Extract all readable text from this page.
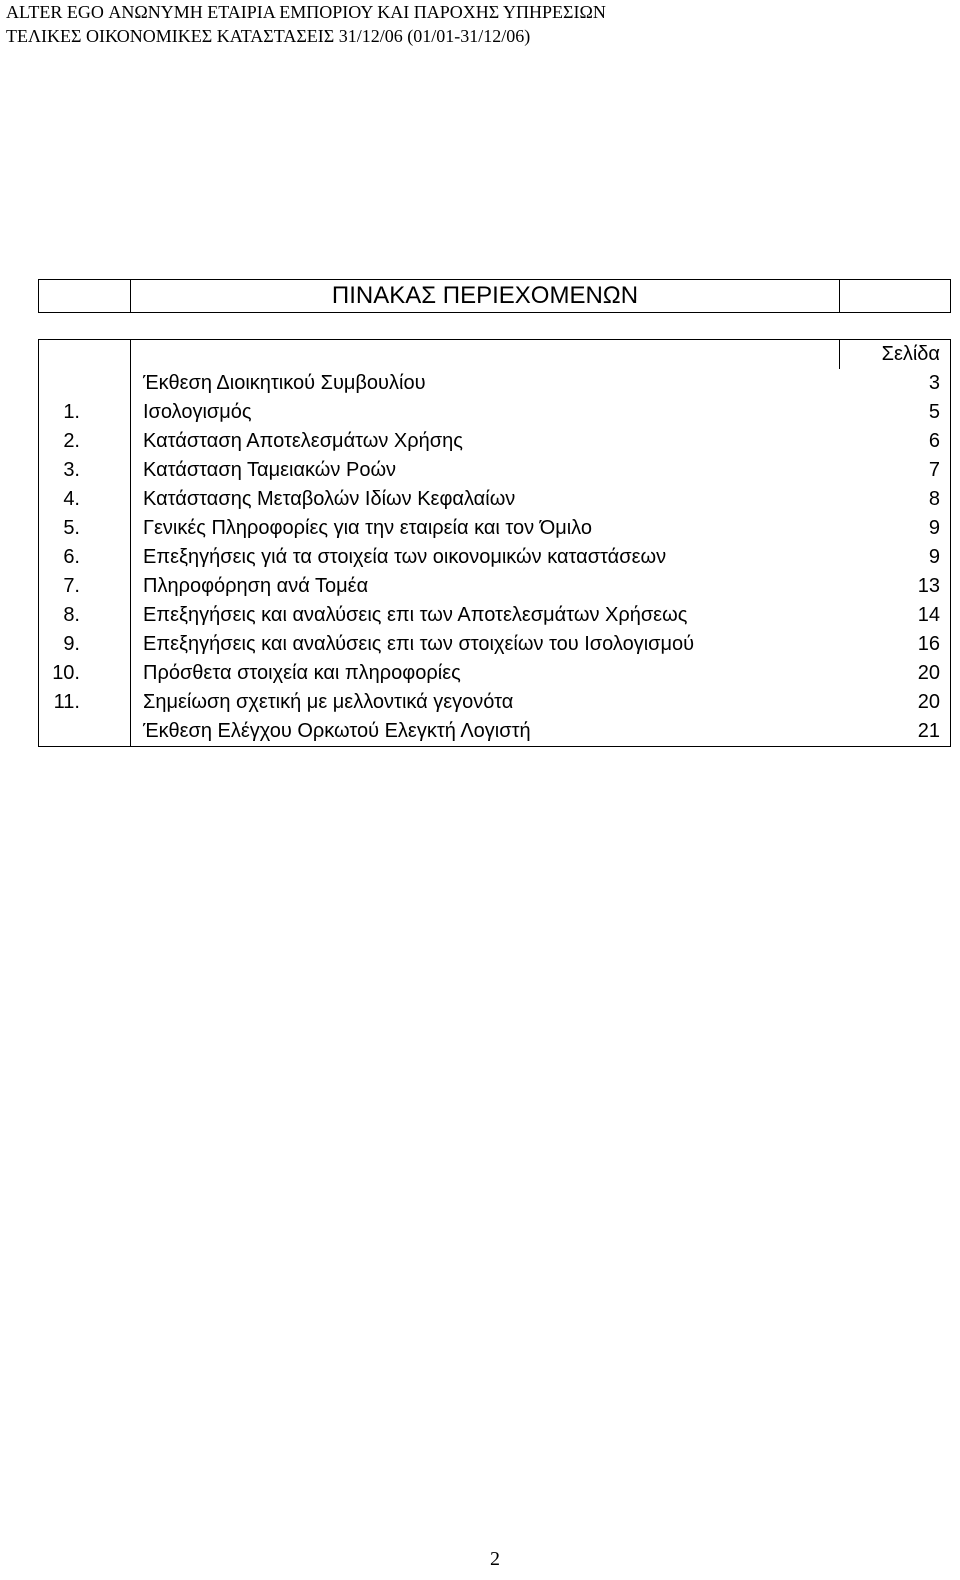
ALTER EGO ΑΝΩΝΥΜΗ ΕΤΑΙΡΙΑ ΕΜΠΟΡΙΟΥ ΚΑΙ ΠΑΡΟΧΗΣ ΥΠΗΡΕΣΙΩΝ
ΤΕΛΙΚΕΣ ΟΙΚΟΝΟΜΙΚΕΣ ΚΑΤΑΣΤΑΣΕΙΣ 31/12/06 (01/01-31/12/06)
	ΠΙΝΑΚΑΣ ΠΕΡΙΕΧΟΜΕΝΩΝ	
		Σελίδα
	Έκθεση Διοικητικού Συμβουλίου	3
1.	Ισολογισμός	5
2.	Κατάσταση Αποτελεσμάτων Χρήσης	6
3.	Κατάσταση Ταμειακών Ροών	7
4.	Κατάστασης Μεταβολών Ιδίων Κεφαλαίων	8
5.	Γενικές Πληροφορίες για την εταιρεία και τον Όμιλο	9
6.	Επεξηγήσεις γιά τα στοιχεία των οικονομικών καταστάσεων	9
7.	Πληροφόρηση ανά Τομέα	13
8.	Επεξηγήσεις και αναλύσεις επι των Αποτελεσμάτων Χρήσεως	14
9.	Επεξηγήσεις και αναλύσεις επι των στοιχείων του Ισολογισμού	16
10.	Πρόσθετα στοιχεία και πληροφορίες	20
11.	Σημείωση σχετική με μελλοντικά γεγονότα	20
	Έκθεση Ελέγχου Ορκωτού Ελεγκτή Λογιστή	21
2
